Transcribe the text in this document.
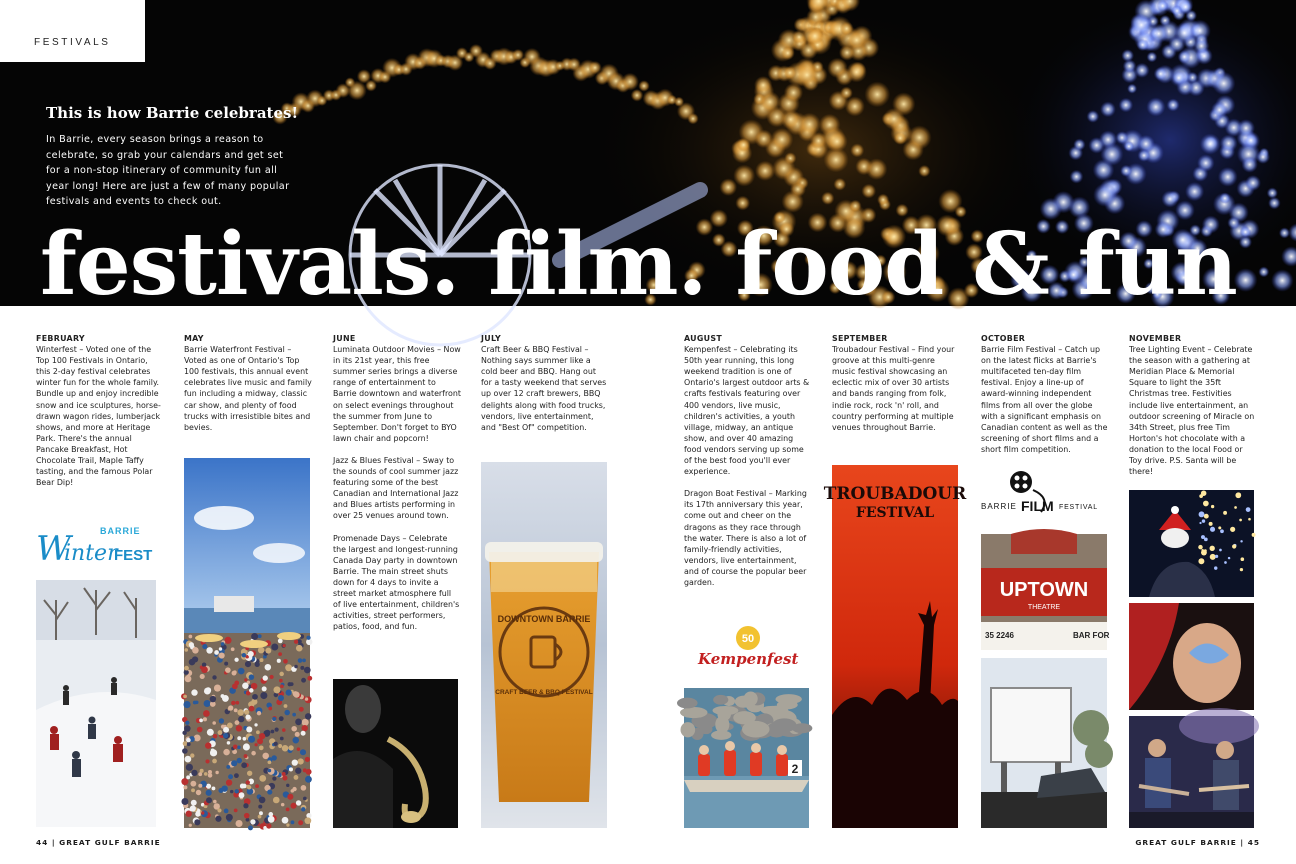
FESTIVALS
This is how Barrie celebrates!
In Barrie, every season brings a reason to celebrate, so grab your calendars and get set for a non-stop itinerary of community fun all year long! Here are just a few of many popular festivals and events to check out.
festivals. film. food & fun
FEBRUARY

Winterfest – Voted one of the Top 100 Festivals in Ontario, this 2-day festival celebrates winter fun for the whole family. Bundle up and enjoy incredible snow and ice sculptures, horse-drawn wagon rides, lumberjack shows, and more at Heritage Park. There's the annual Pancake Breakfast, Hot Chocolate Trail, Maple Taffy tasting, and the famous Polar Bear Dip!

BARRIE
W
inter
FEST
MAY

Barrie Waterfront Festival – Voted as one of Ontario's Top 100 festivals, this annual event celebrates live music and family fun including a midway, classic car show, and plenty of food trucks with irresistible bites and bevies.

JUNE

Luminata Outdoor Movies – Now in its 21st year, this free summer series brings a diverse range of entertainment to Barrie downtown and waterfront on select evenings throughout the summer from June to September. Don't forget to BYO lawn chair and popcorn!

Jazz & Blues Festival – Sway to the sounds of cool summer jazz featuring some of the best Canadian and International Jazz and Blues artists performing in over 25 venues around town.

Promenade Days – Celebrate the largest and longest-running Canada Day party in downtown Barrie. The main street shuts down for 4 days to invite a street market atmosphere full of live entertainment, children's activities, street performers, patios, food, and fun.

JULY

Craft Beer & BBQ Festival – Nothing says summer like a cold beer and BBQ. Hang out for a tasty weekend that serves up over 12 craft brewers, BBQ delights along with food trucks, vendors, live entertainment, and "Best Of" competition.

DOWNTOWN BARRIE
CRAFT BEER & BBQ FESTIVAL
AUGUST

Kempenfest – Celebrating its 50th year running, this long weekend tradition is one of Ontario's largest outdoor arts & crafts festivals featuring over 400 vendors, live music, children's activities, a youth village, midway, an antique show, and over 40 amazing food vendors serving up some of the best food you'll ever experience.

Dragon Boat Festival – Marking its 17th anniversary this year, come out and cheer on the dragons as they race through the water. There is also a lot of family-friendly activities, vendors, live entertainment, and of course the popular beer garden.

50
Kempenfest
2
SEPTEMBER

Troubadour Festival – Find your groove at this multi-genre music festival showcasing an eclectic mix of over 30 artists and bands ranging from folk, indie rock, rock 'n' roll, and country performing at multiple venues throughout Barrie.

TROUBADOUR
FESTIVAL
OCTOBER

Barrie Film Festival – Catch up on the latest flicks at Barrie's multifaceted ten-day film festival. Enjoy a line-up of award-winning independent films from all over the globe with a significant emphasis on Canadian content as well as the screening of short films and a short film competition.

BARRIE FILM FESTIVAL
UPTOWN
THEATRE
35 2246	BAR FOR
NOVEMBER

Tree Lighting Event – Celebrate the season with a gathering at Meridian Place & Memorial Square to light the 35ft Christmas tree. Festivities include live entertainment, an outdoor screening of Miracle on 34th Street, plus free Tim Horton's hot chocolate with a donation to the local Food or Toy drive. P.S. Santa will be there!

44 | GREAT GULF BARRIE	GREAT GULF BARRIE | 45
